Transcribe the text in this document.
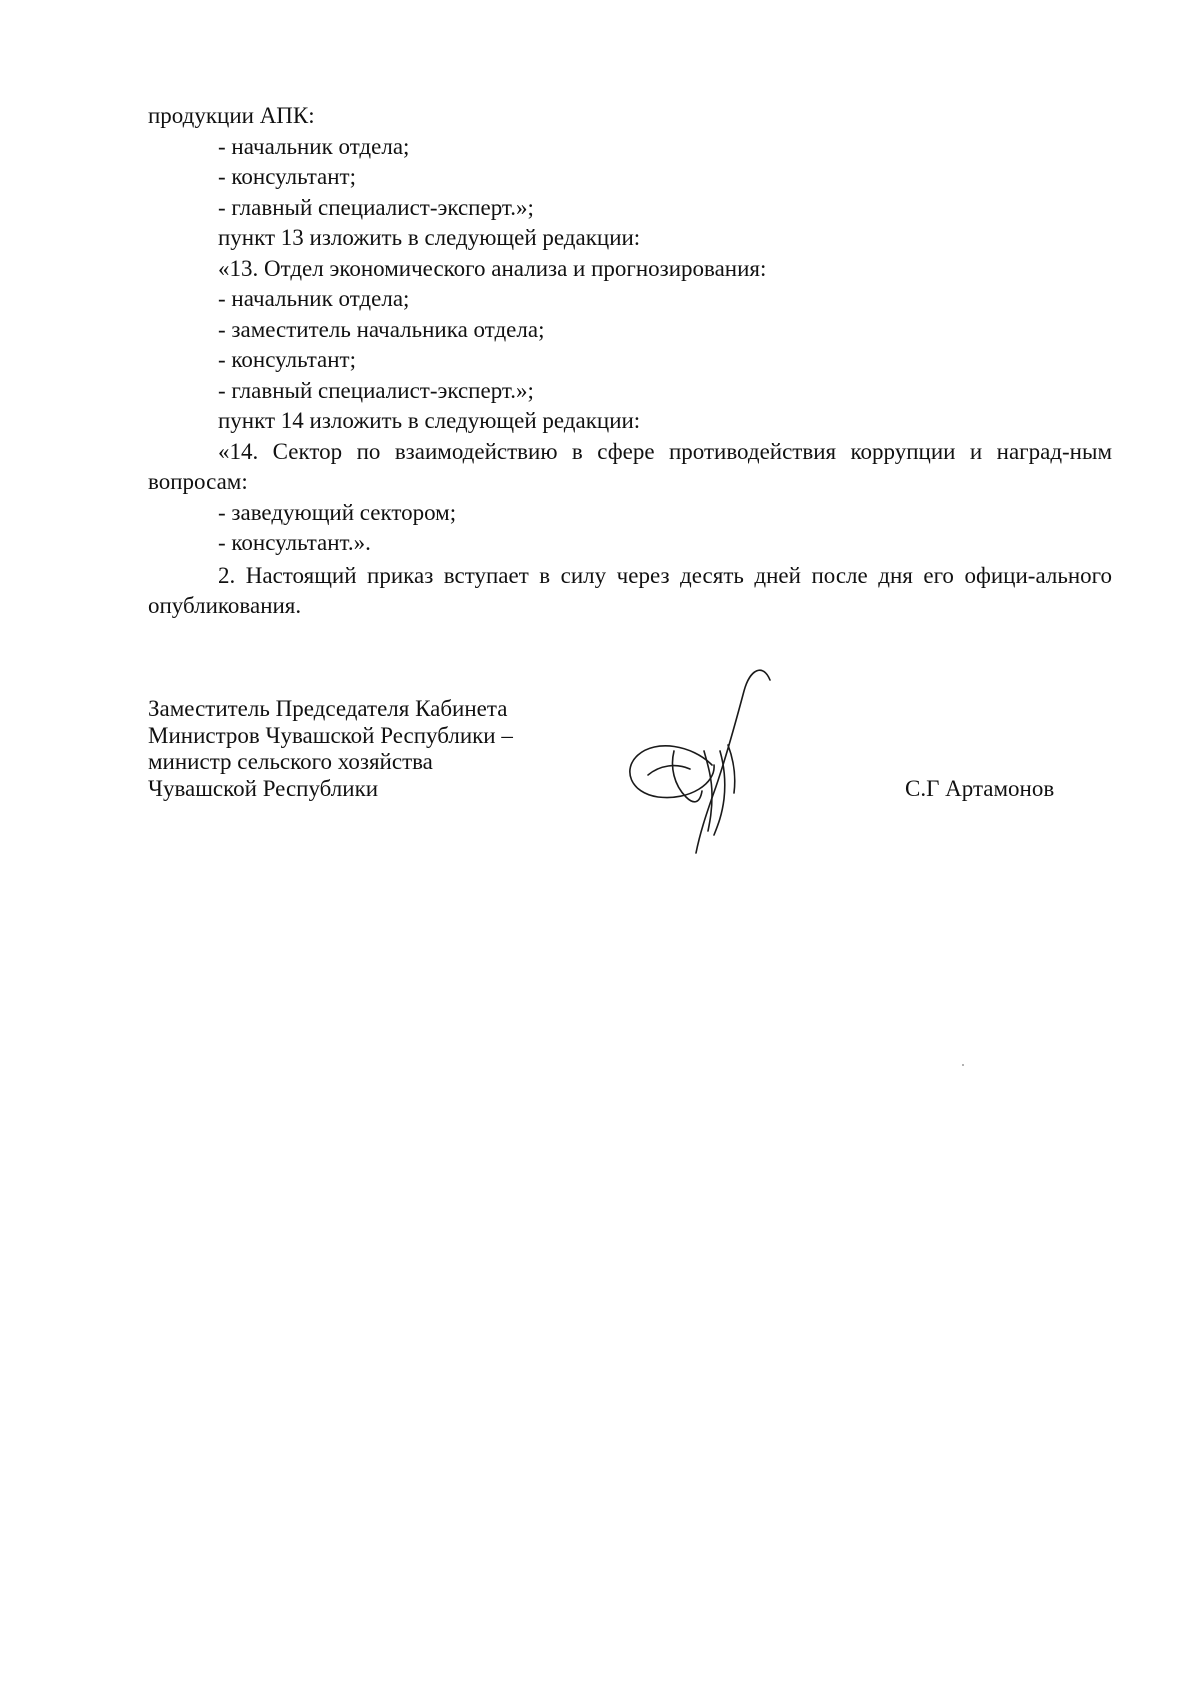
продукции АПК:

- начальник отдела;

- консультант;

- главный специалист-эксперт.»;

пункт 13 изложить в следующей редакции:

«13. Отдел экономического анализа и прогнозирования:

- начальник отдела;

- заместитель начальника отдела;

- консультант;

- главный специалист-эксперт.»;

пункт 14 изложить в следующей редакции:

«14. Сектор по взаимодействию в сфере противодействия коррупции и наград-ным вопросам:

- заведующий сектором;

- консультант.».

2. Настоящий приказ вступает в силу через десять дней после дня его офици-ального опубликования.

Заместитель Председателя Кабинета
Министров Чувашской Республики –
министр сельского хозяйства
Чувашской Республики	С.Г Артамонов
